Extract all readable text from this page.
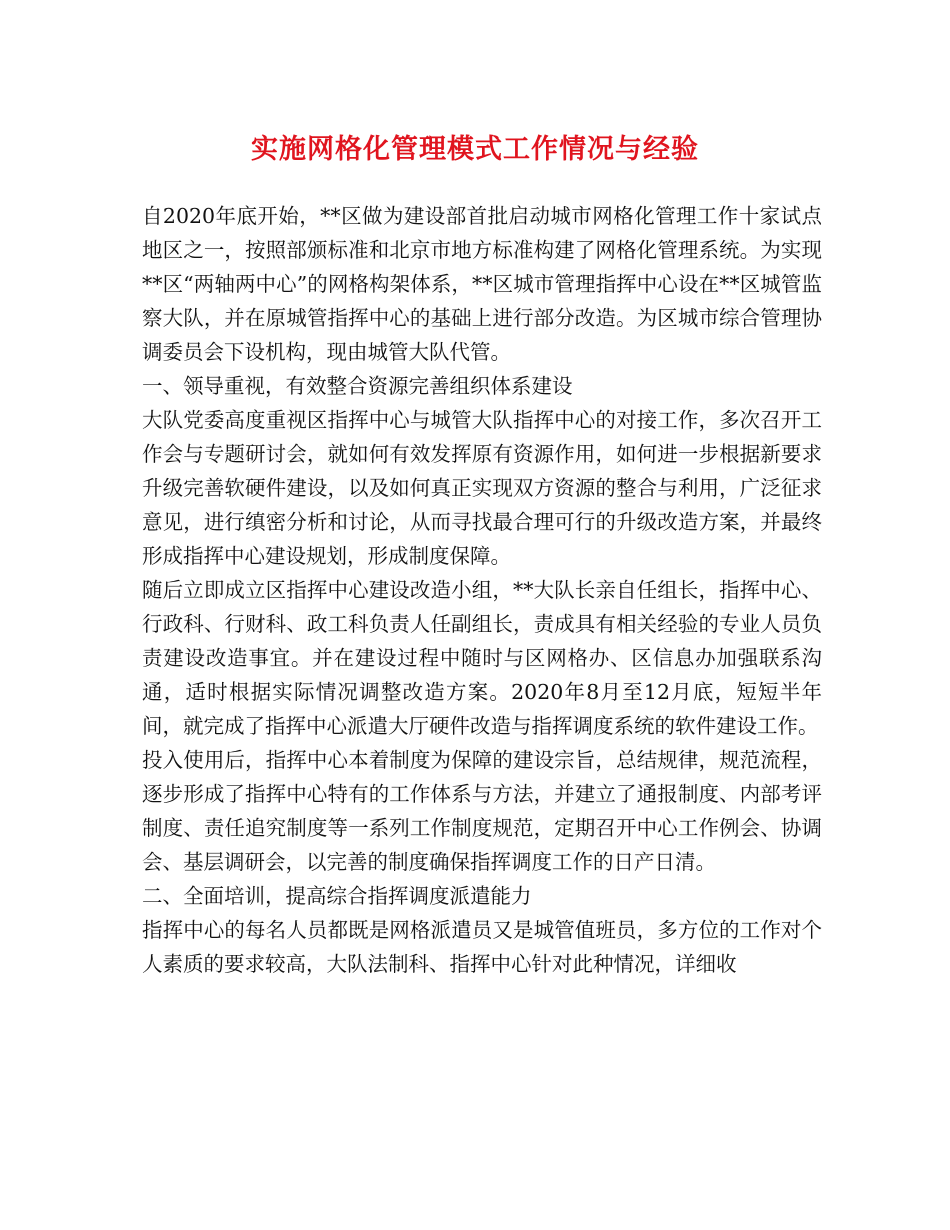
实施网格化管理模式工作情况与经验

自2020年底开始，**区做为建设部首批启动城市网格化管理工作十家试点地区之一，按照部颁标准和北京市地方标准构建了网格化管理系统。为实现**区“两轴两中心”的网格构架体系，**区城市管理指挥中心设在**区城管监察大队，并在原城管指挥中心的基础上进行部分改造。为区城市综合管理协调委员会下设机构，现由城管大队代管。

一、领导重视，有效整合资源完善组织体系建设

大队党委高度重视区指挥中心与城管大队指挥中心的对接工作，多次召开工作会与专题研讨会，就如何有效发挥原有资源作用，如何进一步根据新要求升级完善软硬件建设，以及如何真正实现双方资源的整合与利用，广泛征求意见，进行缜密分析和讨论，从而寻找最合理可行的升级改造方案，并最终形成指挥中心建设规划，形成制度保障。

随后立即成立区指挥中心建设改造小组，**大队长亲自任组长，指挥中心、行政科、行财科、政工科负责人任副组长，责成具有相关经验的专业人员负责建设改造事宜。并在建设过程中随时与区网格办、区信息办加强联系沟通，适时根据实际情况调整改造方案。2020年8月至12月底，短短半年间，就完成了指挥中心派遣大厅硬件改造与指挥调度系统的软件建设工作。

投入使用后，指挥中心本着制度为保障的建设宗旨，总结规律，规范流程，逐步形成了指挥中心特有的工作体系与方法，并建立了通报制度、内部考评制度、责任追究制度等一系列工作制度规范，定期召开中心工作例会、协调会、基层调研会，以完善的制度确保指挥调度工作的日产日清。

二、全面培训，提高综合指挥调度派遣能力

指挥中心的每名人员都既是网格派遣员又是城管值班员，多方位的工作对个人素质的要求较高，大队法制科、指挥中心针对此种情况，详细收
